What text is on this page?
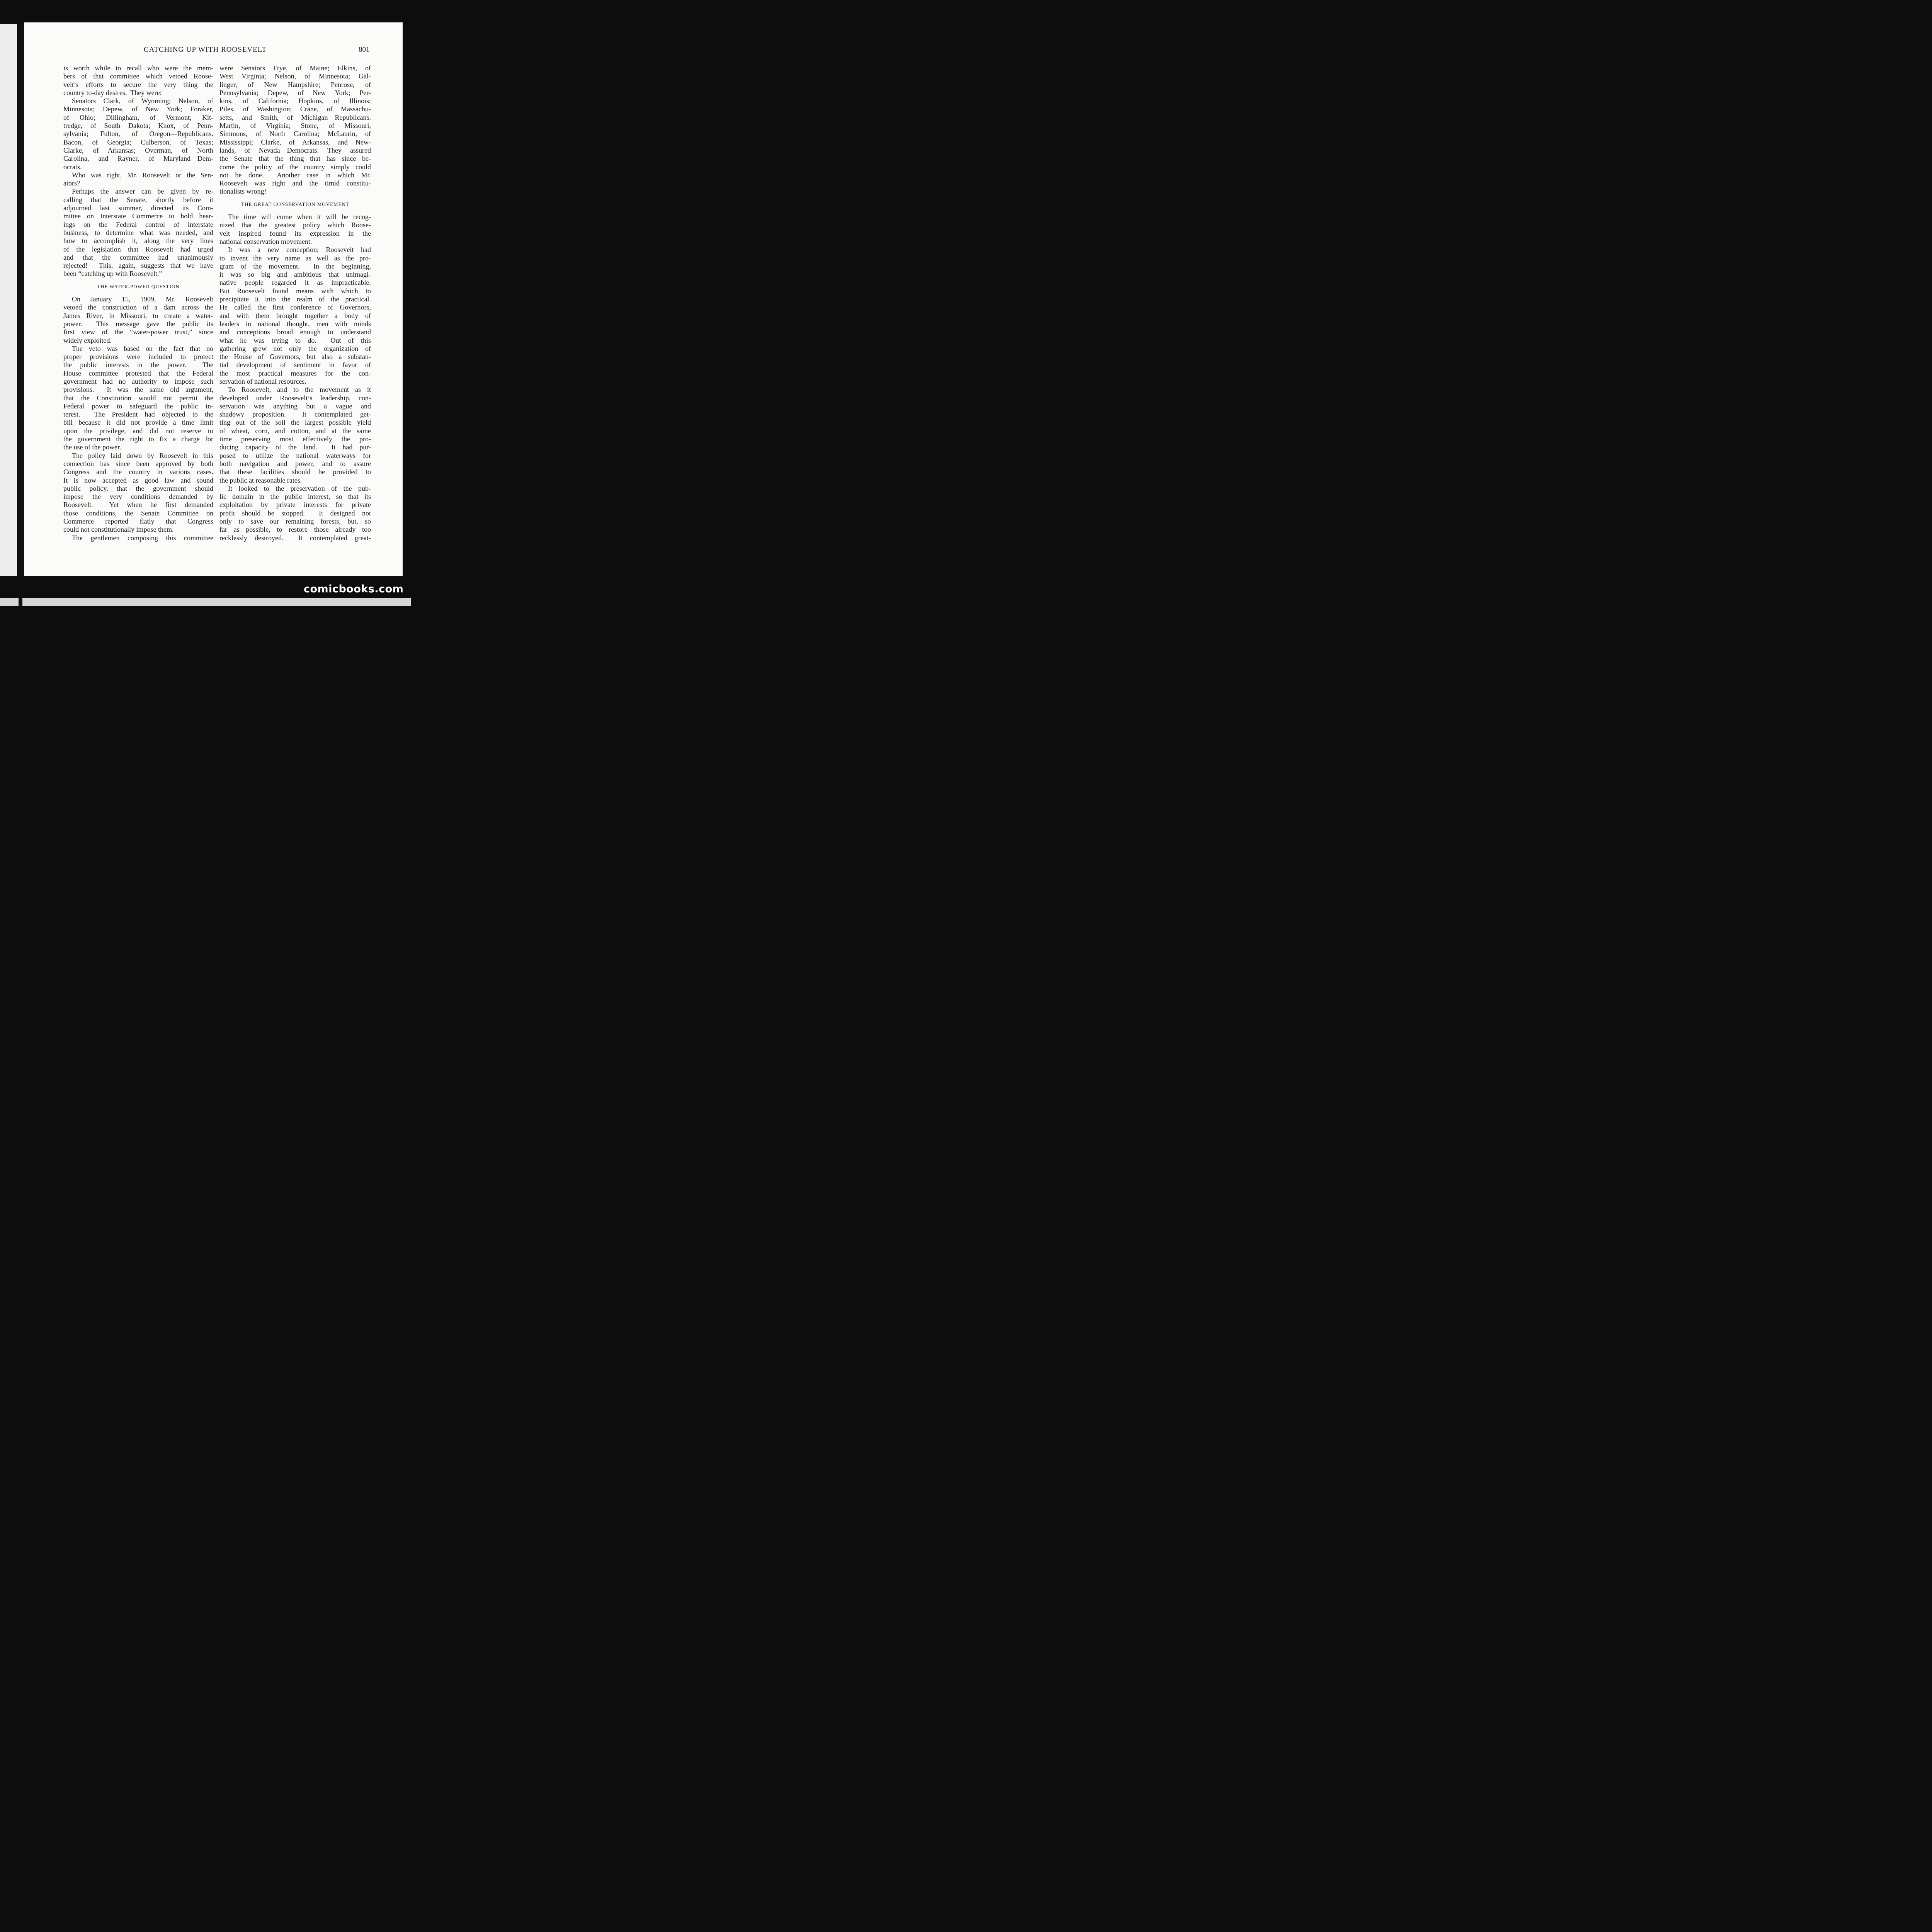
CATCHING UP WITH ROOSEVELT	801
is worth while to recall who were the mem-
bers of that committee which vetoed Roose-
velt’s efforts to secure the very thing the
country to-day desires.  They were:
Senators Clark, of Wyoming; Nelson, of
Minnesota; Depew, of New York; Foraker,
of Ohio; Dillingham, of Vermont; Kit-
tredge, of South Dakota; Knox, of Penn-
sylvania; Fulton, of Oregon—Republicans.
Bacon, of Georgia; Culberson, of Texas;
Clarke, of Arkansas; Overman, of North
Carolina, and Rayner, of Maryland—Dem-
ocrats.
Who was right, Mr. Roosevelt or the Sen-
ators?
Perhaps the answer can be given by re-
calling that the Senate, shortly before it
adjourned last summer, directed its Com-
mittee on Interstate Commerce to hold hear-
ings on the Federal control of interstate
business, to determine what was needed, and
how to accomplish it, along the very lines
of the legislation that Roosevelt had urged
and that the committee had unanimously
rejected!  This, again, suggests that we have
been “catching up with Roosevelt.”
THE WATER-POWER QUESTION
On January 15, 1909, Mr. Roosevelt
vetoed the construction of a dam across the
James River, in Missouri, to create a water-
power.  This message gave the public its
first view of the “water-power trust,” since
widely exploited.
The veto was based on the fact that no
proper provisions were included to protect
the public interests in the power.  The
House committee protested that the Federal
government had no authority to impose such
provisions.  It was the same old argument,
that the Constitution would not permit the
Federal power to safeguard the public in-
terest.  The President had objected to the
bill because it did not provide a time limit
upon the privilege, and did not reserve to
the government the right to fix a charge for
the use of the power.
The policy laid down by Roosevelt in this
connection has since been approved by both
Congress and the country in various cases.
It is now accepted as good law and sound
public policy, that the government should
impose the very conditions demanded by
Roosevelt.  Yet when he first demanded
those conditions, the Senate Committee on
Commerce reported flatly that Congress
could not constitutionally impose them.
The gentlemen composing this committee
were Senators Frye, of Maine; Elkins, of
West Virginia; Nelson, of Minnesota; Gal-
linger, of New Hampshire; Penrose, of
Pennsylvania; Depew, of New York; Per-
kins, of California; Hopkins, of Illinois;
Piles, of Washington; Crane, of Massachu-
setts, and Smith, of Michigan—Republicans.
Martin, of Virginia; Stone, of Missouri,
Simmons, of North Carolina; McLaurin, of
Mississippi; Clarke, of Arkansas, and New-
lands, of Nevada—Democrats. They assured
the Senate that the thing that has since be-
come the policy of the country simply could
not be done.  Another case in which Mr.
Roosevelt was right and the timid constitu-
tionalists wrong!
THE GREAT CONSERVATION MOVEMENT
The time will come when it will be recog-
nized that the greatest policy which Roose-
velt inspired found its expression in the
national conservation movement.
It was a new conception; Roosevelt had
to invent the very name as well as the pro-
gram of the movement.  In the beginning,
it was so big and ambitious that unimagi-
native people regarded it as impracticable.
But Roosevelt found means with which to
precipitate it into the realm of the practical.
He called the first conference of Governors,
and with them brought together a body of
leaders in national thought, men with minds
and conceptions broad enough to understand
what he was trying to do.  Out of this
gathering grew not only the organization of
the House of Governors, but also a substan-
tial development of sentiment in favor of
the most practical measures for the con-
servation of national resources.
To Roosevelt, and to the movement as it
developed under Roosevelt’s leadership, con-
servation was anything but a vague and
shadowy proposition.  It contemplated get-
ting out of the soil the largest possible yield
of wheat, corn, and cotton, and at the same
time preserving most effectively the pro-
ducing capacity of the land.  It had pur-
posed to utilize the national waterways for
both navigation and power, and to assure
that these facilities should be provided to
the public at reasonable rates.
It looked to the preservation of the pub-
lic domain in the public interest, so that its
exploitation by private interests for private
profit should be stopped.  It designed not
only to save our remaining forests, but, so
far as possible, to restore those already too
recklessly destroyed.  It contemplated great-
comicbooks.com
